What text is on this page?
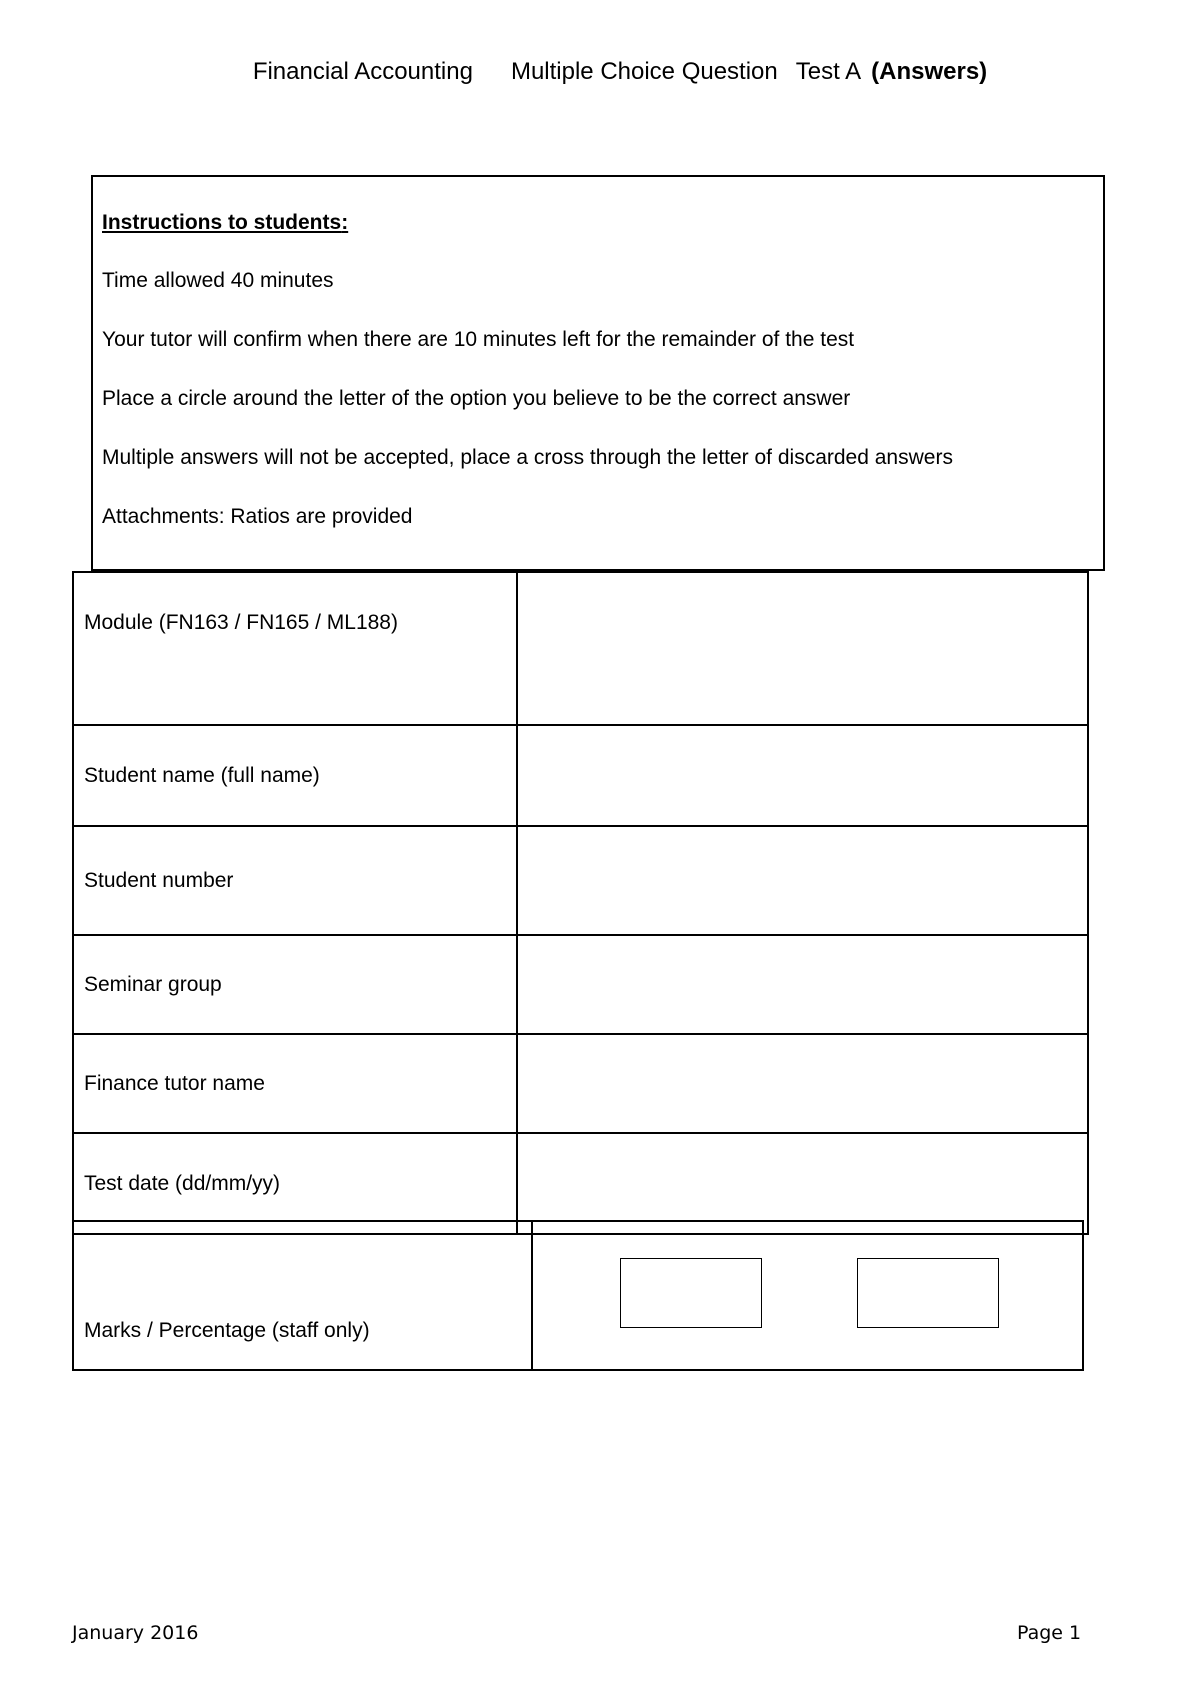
Financial Accounting Multiple Choice Question Test A (Answers)
Instructions to students:
Time allowed 40 minutes
Your tutor will confirm when there are 10 minutes left for the remainder of the test
Place a circle around the letter of the option you believe to be the correct answer
Multiple answers will not be accepted, place a cross through the letter of discarded answers
Attachments: Ratios are provided
Module (FN163 / FN165 / ML188)	
Student name (full name)	
Student number	
Seminar group	
Finance tutor name	
Test date (dd/mm/yy)	
Marks / Percentage (staff only)	
January 2016	Page 1
